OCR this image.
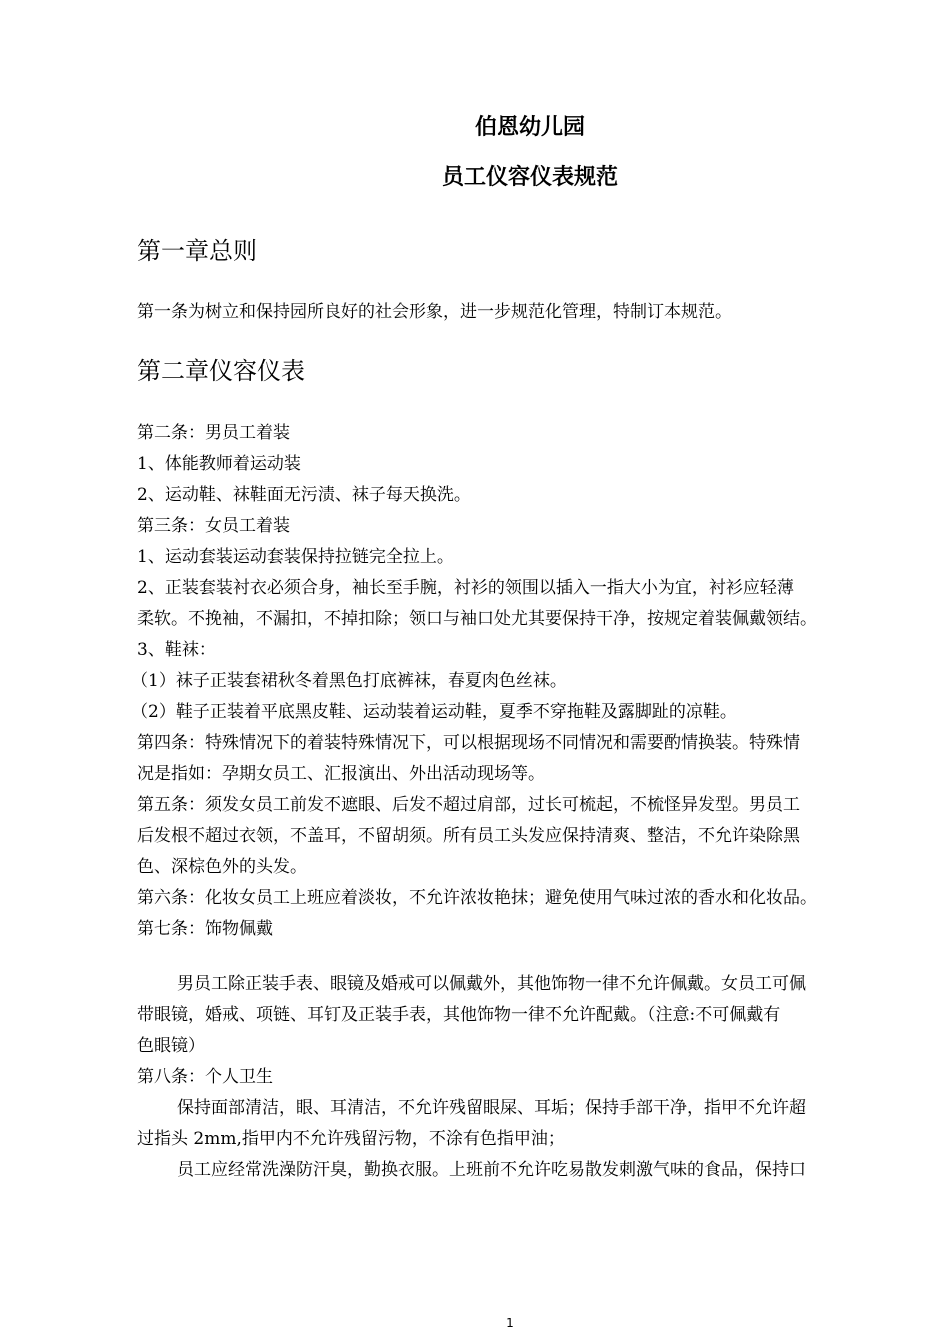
伯恩幼儿园
员工仪容仪表规范
第一章总则

第一条为树立和保持园所良好的社会形象，进一步规范化管理，特制订本规范。

第二章仪容仪表

第二条：男员工着装

1、体能教师着运动装

2、运动鞋、袜鞋面无污渍、袜子每天换洗。

第三条：女员工着装

1、运动套装运动套装保持拉链完全拉上。

2、正装套装衬衣必须合身，袖长至手腕，衬衫的领围以插入一指大小为宜，衬衫应轻薄

柔软。不挽袖，不漏扣，不掉扣除；领口与袖口处尤其要保持干净，按规定着装佩戴领结。

3、鞋袜：

（1）袜子正装套裙秋冬着黑色打底裤袜，春夏肉色丝袜。

（2）鞋子正装着平底黑皮鞋、运动装着运动鞋，夏季不穿拖鞋及露脚趾的凉鞋。

第四条：特殊情况下的着装特殊情况下，可以根据现场不同情况和需要酌情换装。特殊情

况是指如：孕期女员工、汇报演出、外出活动现场等。

第五条：须发女员工前发不遮眼、后发不超过肩部，过长可梳起，不梳怪异发型。男员工

后发根不超过衣领，不盖耳，不留胡须。所有员工头发应保持清爽、整洁，不允许染除黑

色、深棕色外的头发。

第六条：化妆女员工上班应着淡妆，不允许浓妆艳抹；避免使用气味过浓的香水和化妆品。

第七条：饰物佩戴

男员工除正装手表、眼镜及婚戒可以佩戴外，其他饰物一律不允许佩戴。女员工可佩

带眼镜，婚戒、项链、耳钉及正装手表，其他饰物一律不允许配戴。（注意:不可佩戴有

色眼镜）

第八条：个人卫生

保持面部清洁，眼、耳清洁，不允许残留眼屎、耳垢；保持手部干净，指甲不允许超

过指头 2mm,指甲内不允许残留污物，不涂有色指甲油；

员工应经常洗澡防汗臭，勤换衣服。上班前不允许吃易散发刺激气味的食品，保持口

1
